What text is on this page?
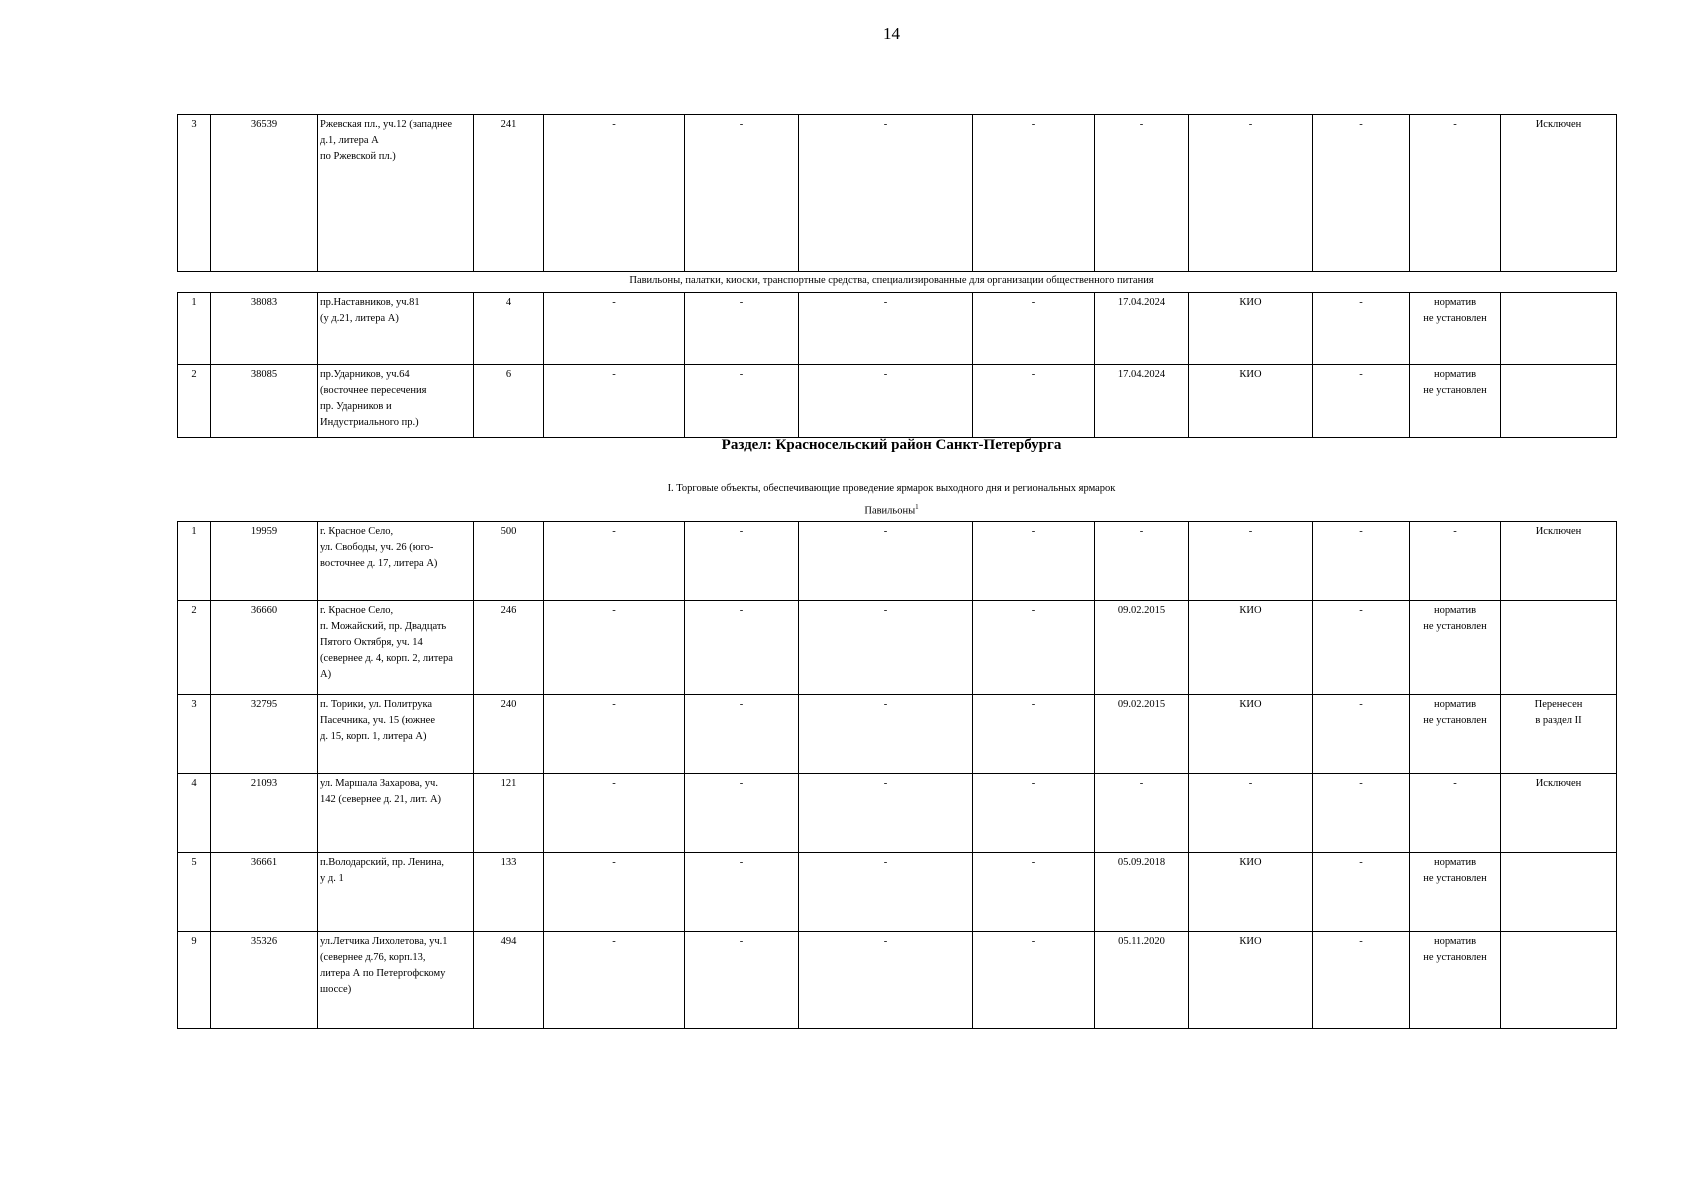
14
3	36539	Ржевская пл., уч.12 (западнее
д.1, литера А
по Ржевской пл.)	241	-	-	-	-	-	-	-	-	Исключен
Павильоны, палатки, киоски, транспортные средства, специализированные для организации общественного питания
1	38083	пр.Наставников, уч.81
(у д.21, литера А)	4	-	-	-	-	17.04.2024	КИО	-	норматив
не установлен	
2	38085	пр.Ударников, уч.64
(восточнее пересечения
пр. Ударников и
Индустриального пр.)	6	-	-	-	-	17.04.2024	КИО	-	норматив
не установлен	
Раздел: Красносельский район Санкт-Петербурга
I. Торговые объекты, обеспечивающие проведение ярмарок выходного дня и региональных ярмарок
Павильоны$^1$
1	19959	г. Красное Село,
ул. Свободы, уч. 26 (юго-
восточнее д. 17, литера А)	500	-	-	-	-	-	-	-	-	Исключен
2	36660	г. Красное Село,
п. Можайский, пр. Двадцать
Пятого Октября, уч. 14
(севернее д. 4, корп. 2, литера
А)	246	-	-	-	-	09.02.2015	КИО	-	норматив
не установлен	
3	32795	п. Торики, ул. Политрука
Пасечника, уч. 15 (южнее
д. 15, корп. 1, литера А)	240	-	-	-	-	09.02.2015	КИО	-	норматив
не установлен	Перенесен
в раздел II
4	21093	ул. Маршала Захарова, уч.
142 (севернее д. 21, лит. А)	121	-	-	-	-	-	-	-	-	Исключен
5	36661	п.Володарский, пр. Ленина,
у д. 1	133	-	-	-	-	05.09.2018	КИО	-	норматив
не установлен	
9	35326	ул.Летчика Лихолетова, уч.1
(севернее д.76, корп.13,
литера А по Петергофскому
шоссе)	494	-	-	-	-	05.11.2020	КИО	-	норматив
не установлен	
